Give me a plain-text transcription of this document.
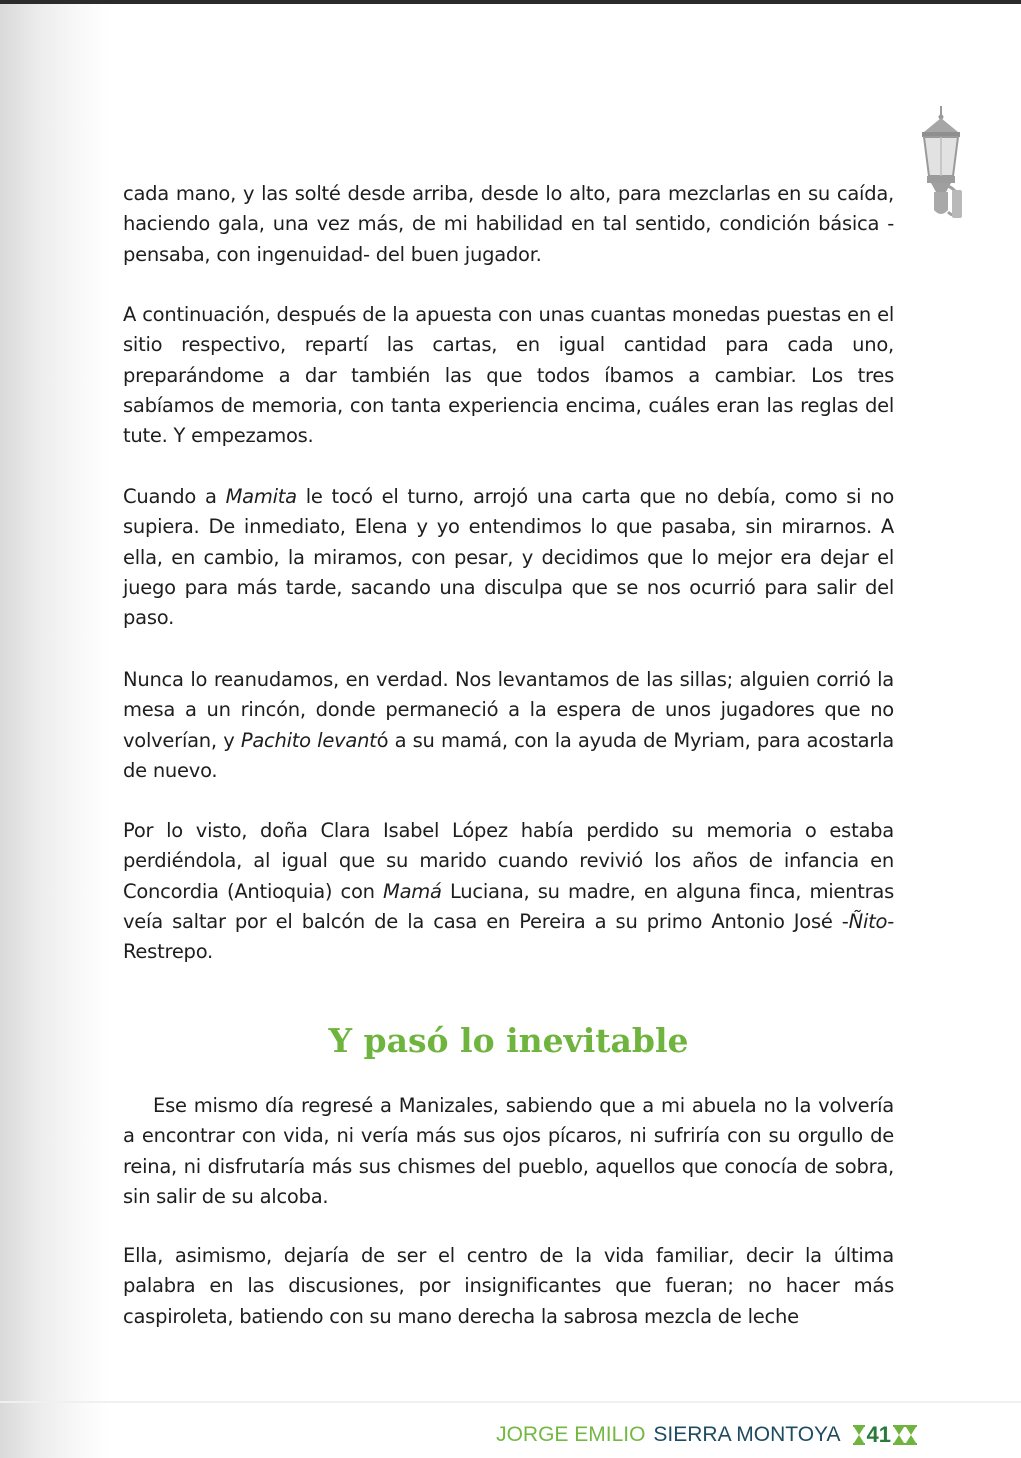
cada mano, y las solté desde arriba, desde lo alto, para mezclarlas en su caída, haciendo gala, una vez más, de mi habilidad en tal sentido, condición básica -pensaba, con ingenuidad- del buen jugador.

A continuación, después de la apuesta con unas cuantas monedas puestas en el sitio respectivo, repartí las cartas, en igual cantidad para cada uno, preparándome a dar también las que todos íbamos a cambiar. Los tres sabíamos de memoria, con tanta experiencia encima, cuáles eran las reglas del tute. Y empezamos.

Cuando a Mamita le tocó el turno, arrojó una carta que no debía, como si no supiera. De inmediato, Elena y yo entendimos lo que pasaba, sin mirarnos. A ella, en cambio, la miramos, con pesar, y decidimos que lo mejor era dejar el juego para más tarde, sacando una disculpa que se nos ocurrió para salir del paso.

Nunca lo reanudamos, en verdad. Nos levantamos de las sillas; alguien corrió la mesa a un rincón, donde permaneció a la espera de unos jugadores que no volverían, y Pachito levantó a su mamá, con la ayuda de Myriam, para acostarla de nuevo.

Por lo visto, doña Clara Isabel López había perdido su memoria o estaba perdiéndola, al igual que su marido cuando revivió los años de infancia en Concordia (Antioquia) con Mamá Luciana, su madre, en alguna finca, mientras veía saltar por el balcón de la casa en Pereira a su primo Antonio José -Ñito- Restrepo.

Y pasó lo inevitable

Ese mismo día regresé a Manizales, sabiendo que a mi abuela no la volvería a encontrar con vida, ni vería más sus ojos pícaros, ni sufriría con su orgullo de reina, ni disfrutaría más sus chismes del pueblo, aquellos que conocía de sobra, sin salir de su alcoba.

Ella, asimismo, dejaría de ser el centro de la vida familiar, decir la última palabra en las discusiones, por insignificantes que fueran; no hacer más caspiroleta, batiendo con su mano derecha la sabrosa mezcla de leche

JORGE EMILIO SIERRA MONTOYA 41
